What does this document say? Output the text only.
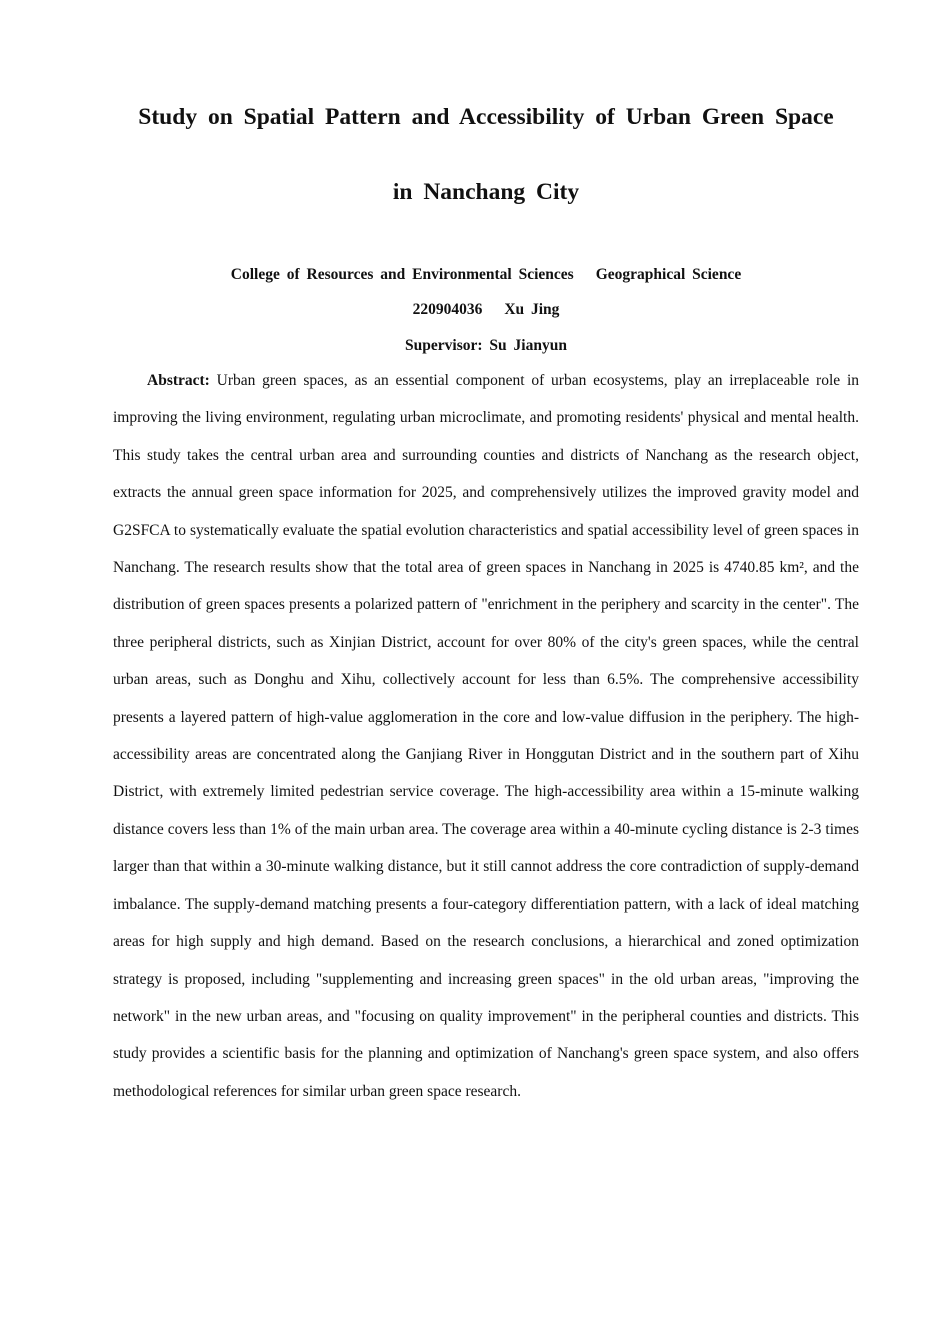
Study on Spatial Pattern and Accessibility of Urban Green Space
in Nanchang City

College of Resources and Environmental Sciences Geographical Science

220904036 Xu Jing

Supervisor: Su Jianyun

Abstract: Urban green spaces, as an essential component of urban ecosystems, play an irreplaceable role in improving the living environment, regulating urban microclimate, and promoting residents' physical and mental health. This study takes the central urban area and surrounding counties and districts of Nanchang as the research object, extracts the annual green space information for 2025, and comprehensively utilizes the improved gravity model and G2SFCA to systematically evaluate the spatial evolution characteristics and spatial accessibility level of green spaces in Nanchang. The research results show that the total area of green spaces in Nanchang in 2025 is 4740.85 km², and the distribution of green spaces presents a polarized pattern of "enrichment in the periphery and scarcity in the center". The three peripheral districts, such as Xinjian District, account for over 80% of the city's green spaces, while the central urban areas, such as Donghu and Xihu, collectively account for less than 6.5%. The comprehensive accessibility presents a layered pattern of high-value agglomeration in the core and low-value diffusion in the periphery. The high-accessibility areas are concentrated along the Ganjiang River in Honggutan District and in the southern part of Xihu District, with extremely limited pedestrian service coverage. The high-accessibility area within a 15-minute walking distance covers less than 1% of the main urban area. The coverage area within a 40-minute cycling distance is 2-3 times larger than that within a 30-minute walking distance, but it still cannot address the core contradiction of supply-demand imbalance. The supply-demand matching presents a four-category differentiation pattern, with a lack of ideal matching areas for high supply and high demand. Based on the research conclusions, a hierarchical and zoned optimization strategy is proposed, including "supplementing and increasing green spaces" in the old urban areas, "improving the network" in the new urban areas, and "focusing on quality improvement" in the peripheral counties and districts. This study provides a scientific basis for the planning and optimization of Nanchang's green space system, and also offers methodological references for similar urban green space research.
